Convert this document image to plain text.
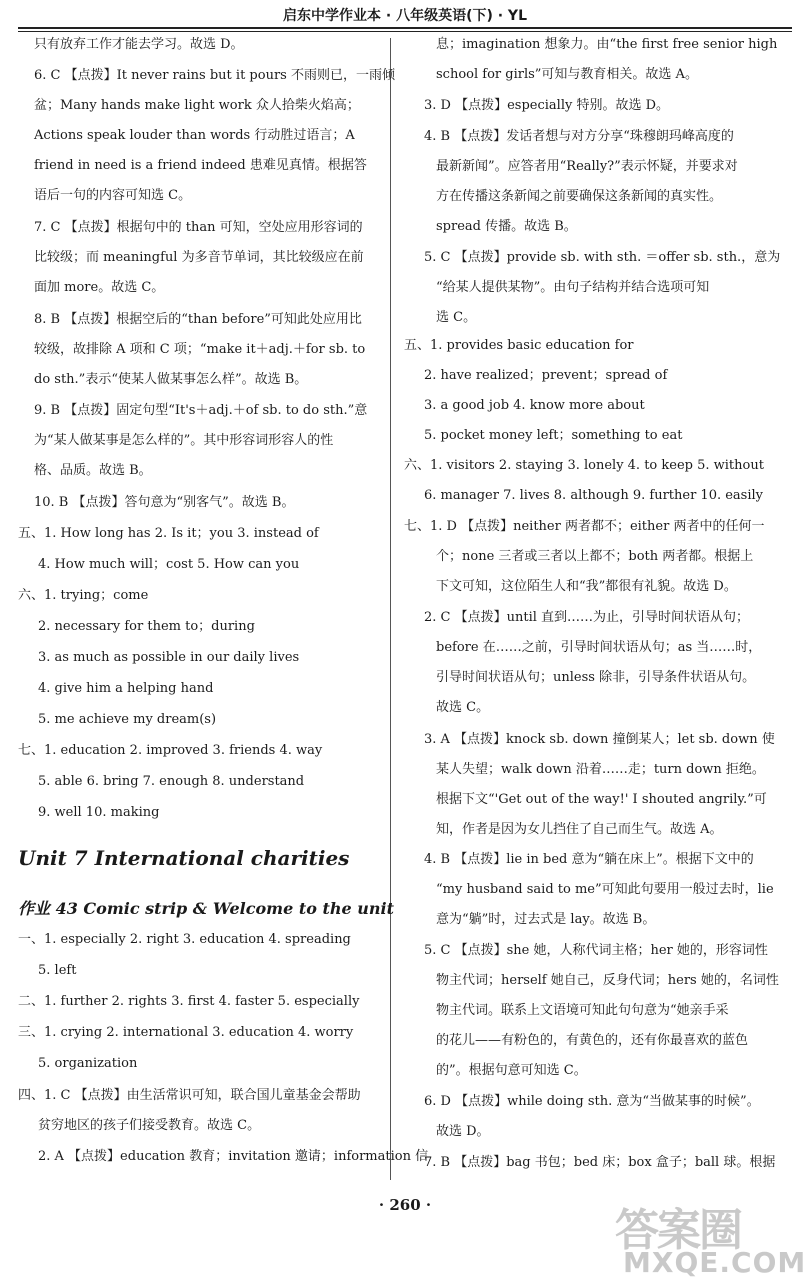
启东中学作业本 · 八年级英语(下) · YL
只有放弃工作才能去学习。故选 D。
6. C 【点拨】It never rains but it pours 不雨则已，一雨倾
盆；Many hands make light work 众人拾柴火焰高；
Actions speak louder than words 行动胜过语言；A
friend in need is a friend indeed 患难见真情。根据答
语后一句的内容可知选 C。
7. C 【点拨】根据句中的 than 可知，空处应用形容词的
比较级；而 meaningful 为多音节单词，其比较级应在前
面加 more。故选 C。
8. B 【点拨】根据空后的“than before”可知此处应用比
较级，故排除 A 项和 C 项；“make it＋adj.＋for sb. to
do sth.”表示“使某人做某事怎么样”。故选 B。
9. B 【点拨】固定句型“It's＋adj.＋of sb. to do sth.”意
为“某人做某事是怎么样的”。其中形容词形容人的性
格、品质。故选 B。
10. B 【点拨】答句意为“别客气”。故选 B。
五、1. How long has 2. Is it；you 3. instead of
4. How much will；cost 5. How can you
六、1. trying；come
2. necessary for them to；during
3. as much as possible in our daily lives
4. give him a helping hand
5. me achieve my dream(s)
七、1. education 2. improved 3. friends 4. way
5. able 6. bring 7. enough 8. understand
9. well 10. making
Unit 7 International charities
作业 43 Comic strip & Welcome to the unit
一、1. especially 2. right 3. education 4. spreading
5. left
二、1. further 2. rights 3. first 4. faster 5. especially
三、1. crying 2. international 3. education 4. worry
5. organization
四、1. C 【点拨】由生活常识可知，联合国儿童基金会帮助
贫穷地区的孩子们接受教育。故选 C。
2. A 【点拨】education 教育；invitation 邀请；information 信
息；imagination 想象力。由“the first free senior high
school for girls”可知与教育相关。故选 A。
3. D 【点拨】especially 特别。故选 D。
4. B 【点拨】发话者想与对方分享“珠穆朗玛峰高度的
最新新闻”。应答者用“Really?”表示怀疑，并要求对
方在传播这条新闻之前要确保这条新闻的真实性。
spread 传播。故选 B。
5. C 【点拨】provide sb. with sth. ＝offer sb. sth.，意为
“给某人提供某物”。由句子结构并结合选项可知
选 C。
五、1. provides basic education for
2. have realized；prevent；spread of
3. a good job 4. know more about
5. pocket money left；something to eat
六、1. visitors 2. staying 3. lonely 4. to keep 5. without
6. manager 7. lives 8. although 9. further 10. easily
七、1. D 【点拨】neither 两者都不；either 两者中的任何一
个；none 三者或三者以上都不；both 两者都。根据上
下文可知，这位陌生人和“我”都很有礼貌。故选 D。
2. C 【点拨】until 直到……为止，引导时间状语从句；
before 在……之前，引导时间状语从句；as 当……时，
引导时间状语从句；unless 除非，引导条件状语从句。
故选 C。
3. A 【点拨】knock sb. down 撞倒某人；let sb. down 使
某人失望；walk down 沿着……走；turn down 拒绝。
根据下文“'Get out of the way!' I shouted angrily.”可
知，作者是因为女儿挡住了自己而生气。故选 A。
4. B 【点拨】lie in bed 意为“躺在床上”。根据下文中的
“my husband said to me”可知此句要用一般过去时，lie
意为“躺”时，过去式是 lay。故选 B。
5. C 【点拨】she 她，人称代词主格；her 她的，形容词性
物主代词；herself 她自己，反身代词；hers 她的，名词性
物主代词。联系上文语境可知此句句意为“她亲手采
的花儿——有粉色的，有黄色的，还有你最喜欢的蓝色
的”。根据句意可知选 C。
6. D 【点拨】while doing sth. 意为“当做某事的时候”。
故选 D。
7. B 【点拨】bag 书包；bed 床；box 盒子；ball 球。根据
· 260 ·	答案圈
MXQE.COM
